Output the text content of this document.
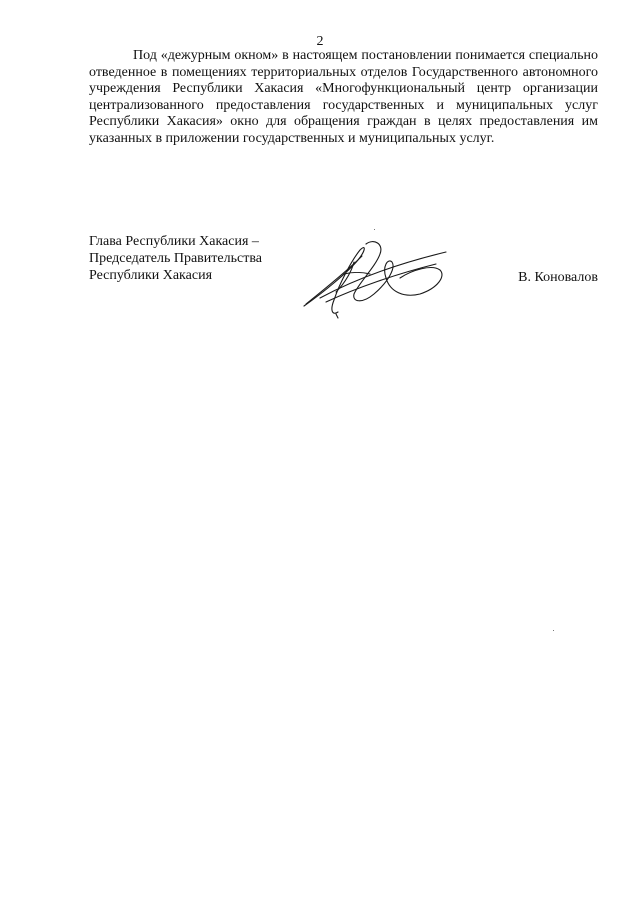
2

Под «дежурным окном» в настоящем постановлении понимается специально отведенное в помещениях территориальных отделов Государственного автономного учреждения Республики Хакасия «Многофункциональный центр организации централизованного предоставления государственных и муниципальных услуг Республики Хакасия» окно для обращения граждан в целях предоставления им указанных в приложении государственных и муниципальных услуг.

Глава Республики Хакасия –
Председатель Правительства
Республики Хакасия	В. Коновалов
